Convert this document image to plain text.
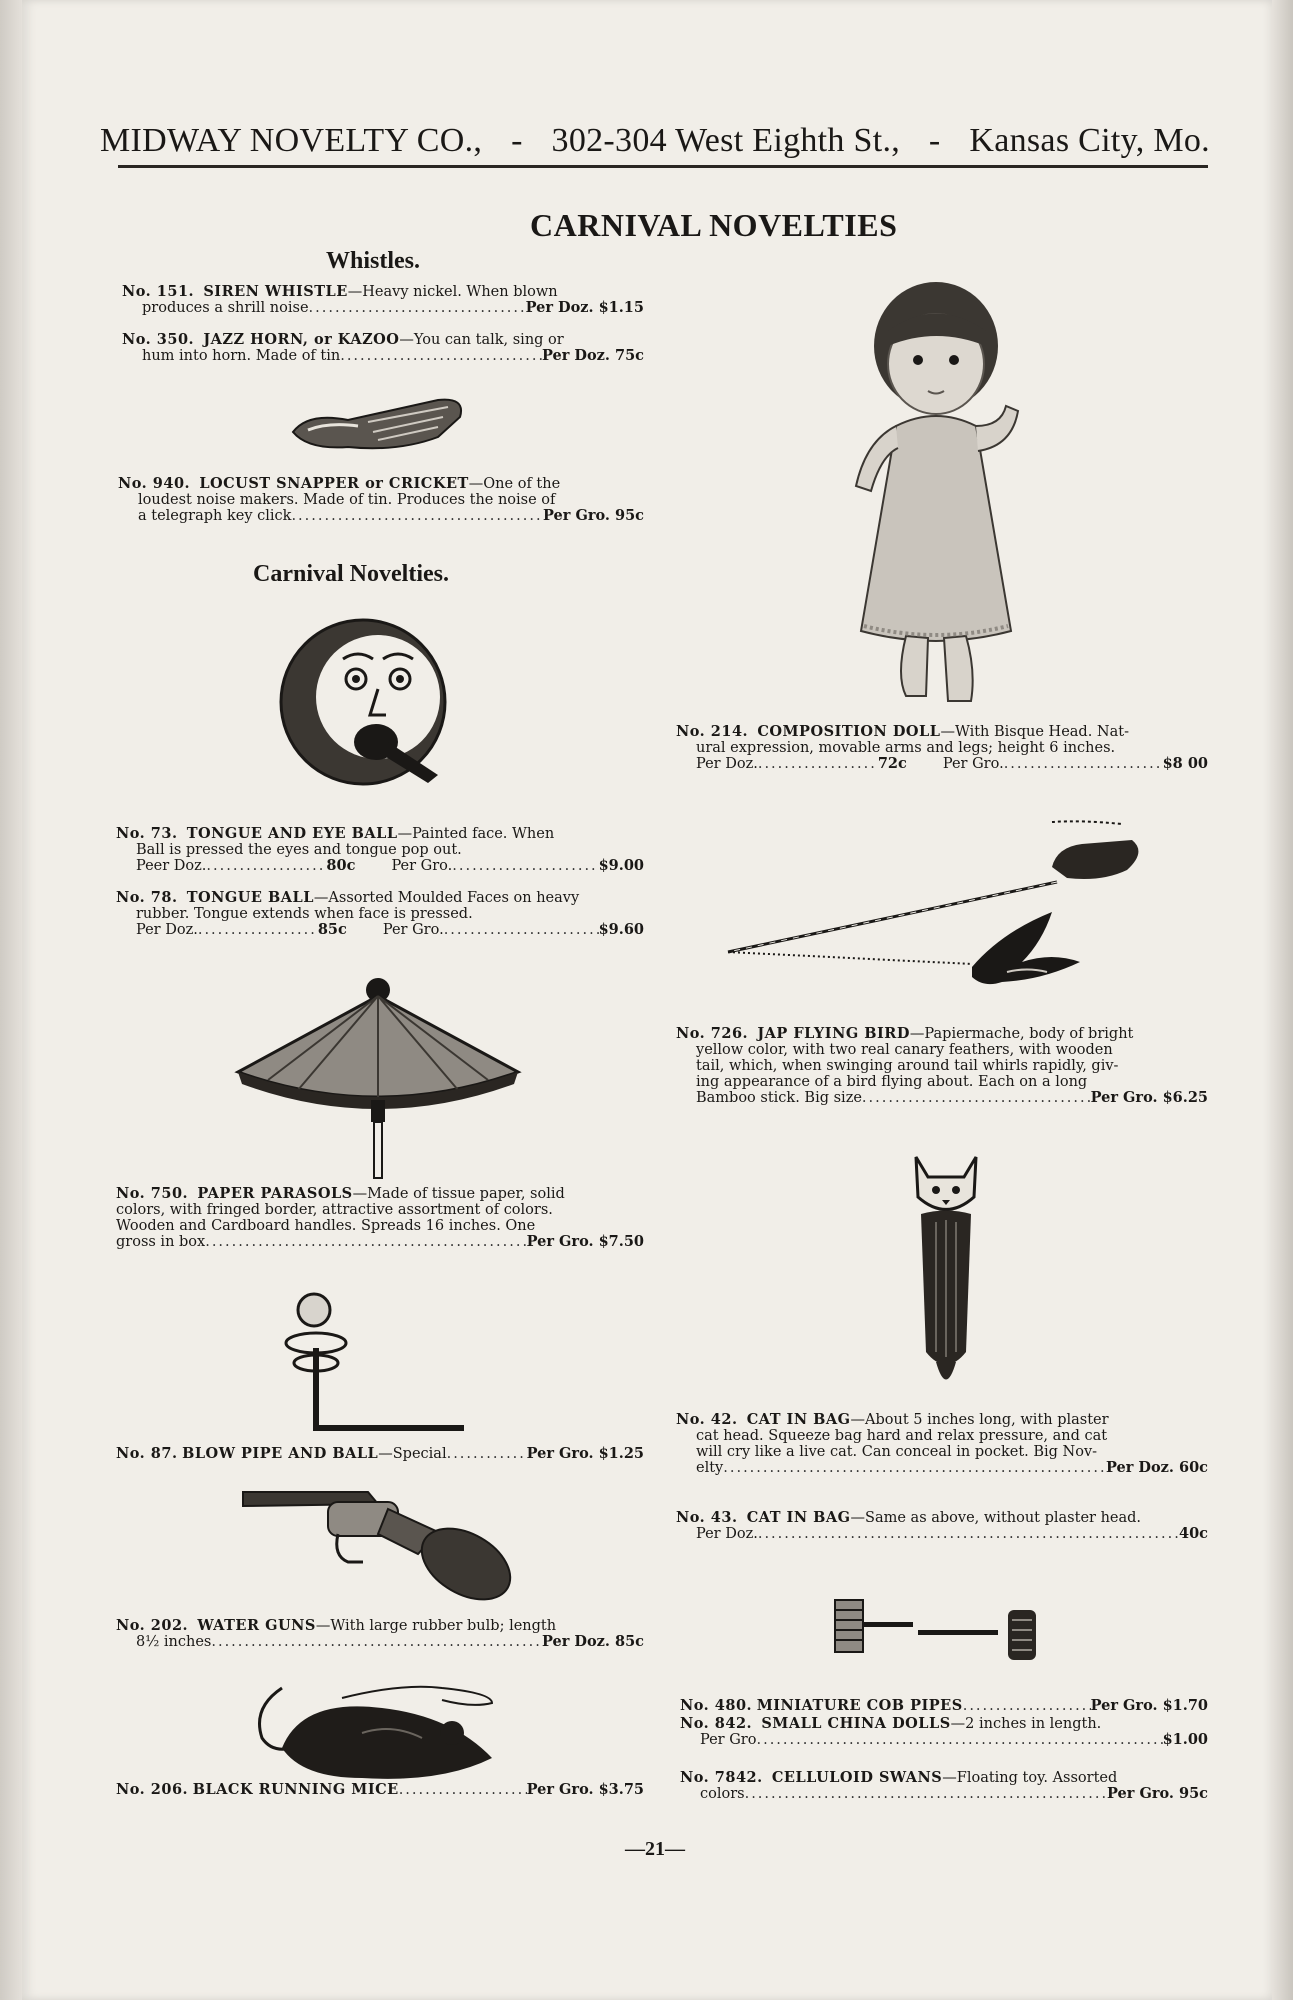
MIDWAY NOVELTY CO., - 302-304 West Eighth St., - Kansas City, Mo.
CARNIVAL NOVELTIES
Whistles.
No. 151. SIREN WHISTLE—Heavy nickel. When blown
produces a shrill noise .....	Per Doz. $1.15
No. 350. JAZZ HORN, or KAZOO—You can talk, sing or
hum into horn. Made of tin .....	Per Doz. 75c
No. 940. LOCUST SNAPPER or CRICKET—One of the
loudest noise makers. Made of tin. Produces the noise of
a telegraph key click .....	Per Gro. 95c
Carnival Novelties.
No. 73. TONGUE AND EYE BALL—Painted face. When
Ball is pressed the eyes and tongue pop out.
Peer Doz. .....	80c Per Gro. .....	$9.00
No. 78. TONGUE BALL—Assorted Moulded Faces on heavy
rubber. Tongue extends when face is pressed.
Per Doz. .....	85c Per Gro. .....	$9.60
No. 750. PAPER PARASOLS—Made of tissue paper, solid
colors, with fringed border, attractive assortment of colors.
Wooden and Cardboard handles. Spreads 16 inches. One
gross in box .....	Per Gro. $7.50
No. 87.
BLOW PIPE AND BALL —Special .....	Per Gro. $1.25
No. 202. WATER GUNS—With large rubber bulb; length
8½ inches .....	Per Doz. 85c
No. 206.
BLACK RUNNING MICE .....	Per Gro. $3.75
No. 214. COMPOSITION DOLL—With Bisque Head. Nat-
ural expression, movable arms and legs; height 6 inches.
Per Doz. .....	72c Per Gro. .....	$8 00
No. 726. JAP FLYING BIRD—Papiermache, body of bright
yellow color, with two real canary feathers, with wooden
tail, which, when swinging around tail whirls rapidly, giv-
ing appearance of a bird flying about. Each on a long
Bamboo stick. Big size .....	Per Gro. $6.25
No. 42. CAT IN BAG—About 5 inches long, with plaster
cat head. Squeeze bag hard and relax pressure, and cat
will cry like a live cat. Can conceal in pocket. Big Nov-
elty .....	Per Doz. 60c
No. 43. CAT IN BAG—Same as above, without plaster head.
Per Doz. .....	40c
No. 480.
MINIATURE COB PIPES .....	Per Gro. $1.70
No. 842. SMALL CHINA DOLLS—2 inches in length.
Per Gro .....	$1.00
No. 7842. CELLULOID SWANS—Floating toy. Assorted
colors .....	Per Gro. 95c
—21—
